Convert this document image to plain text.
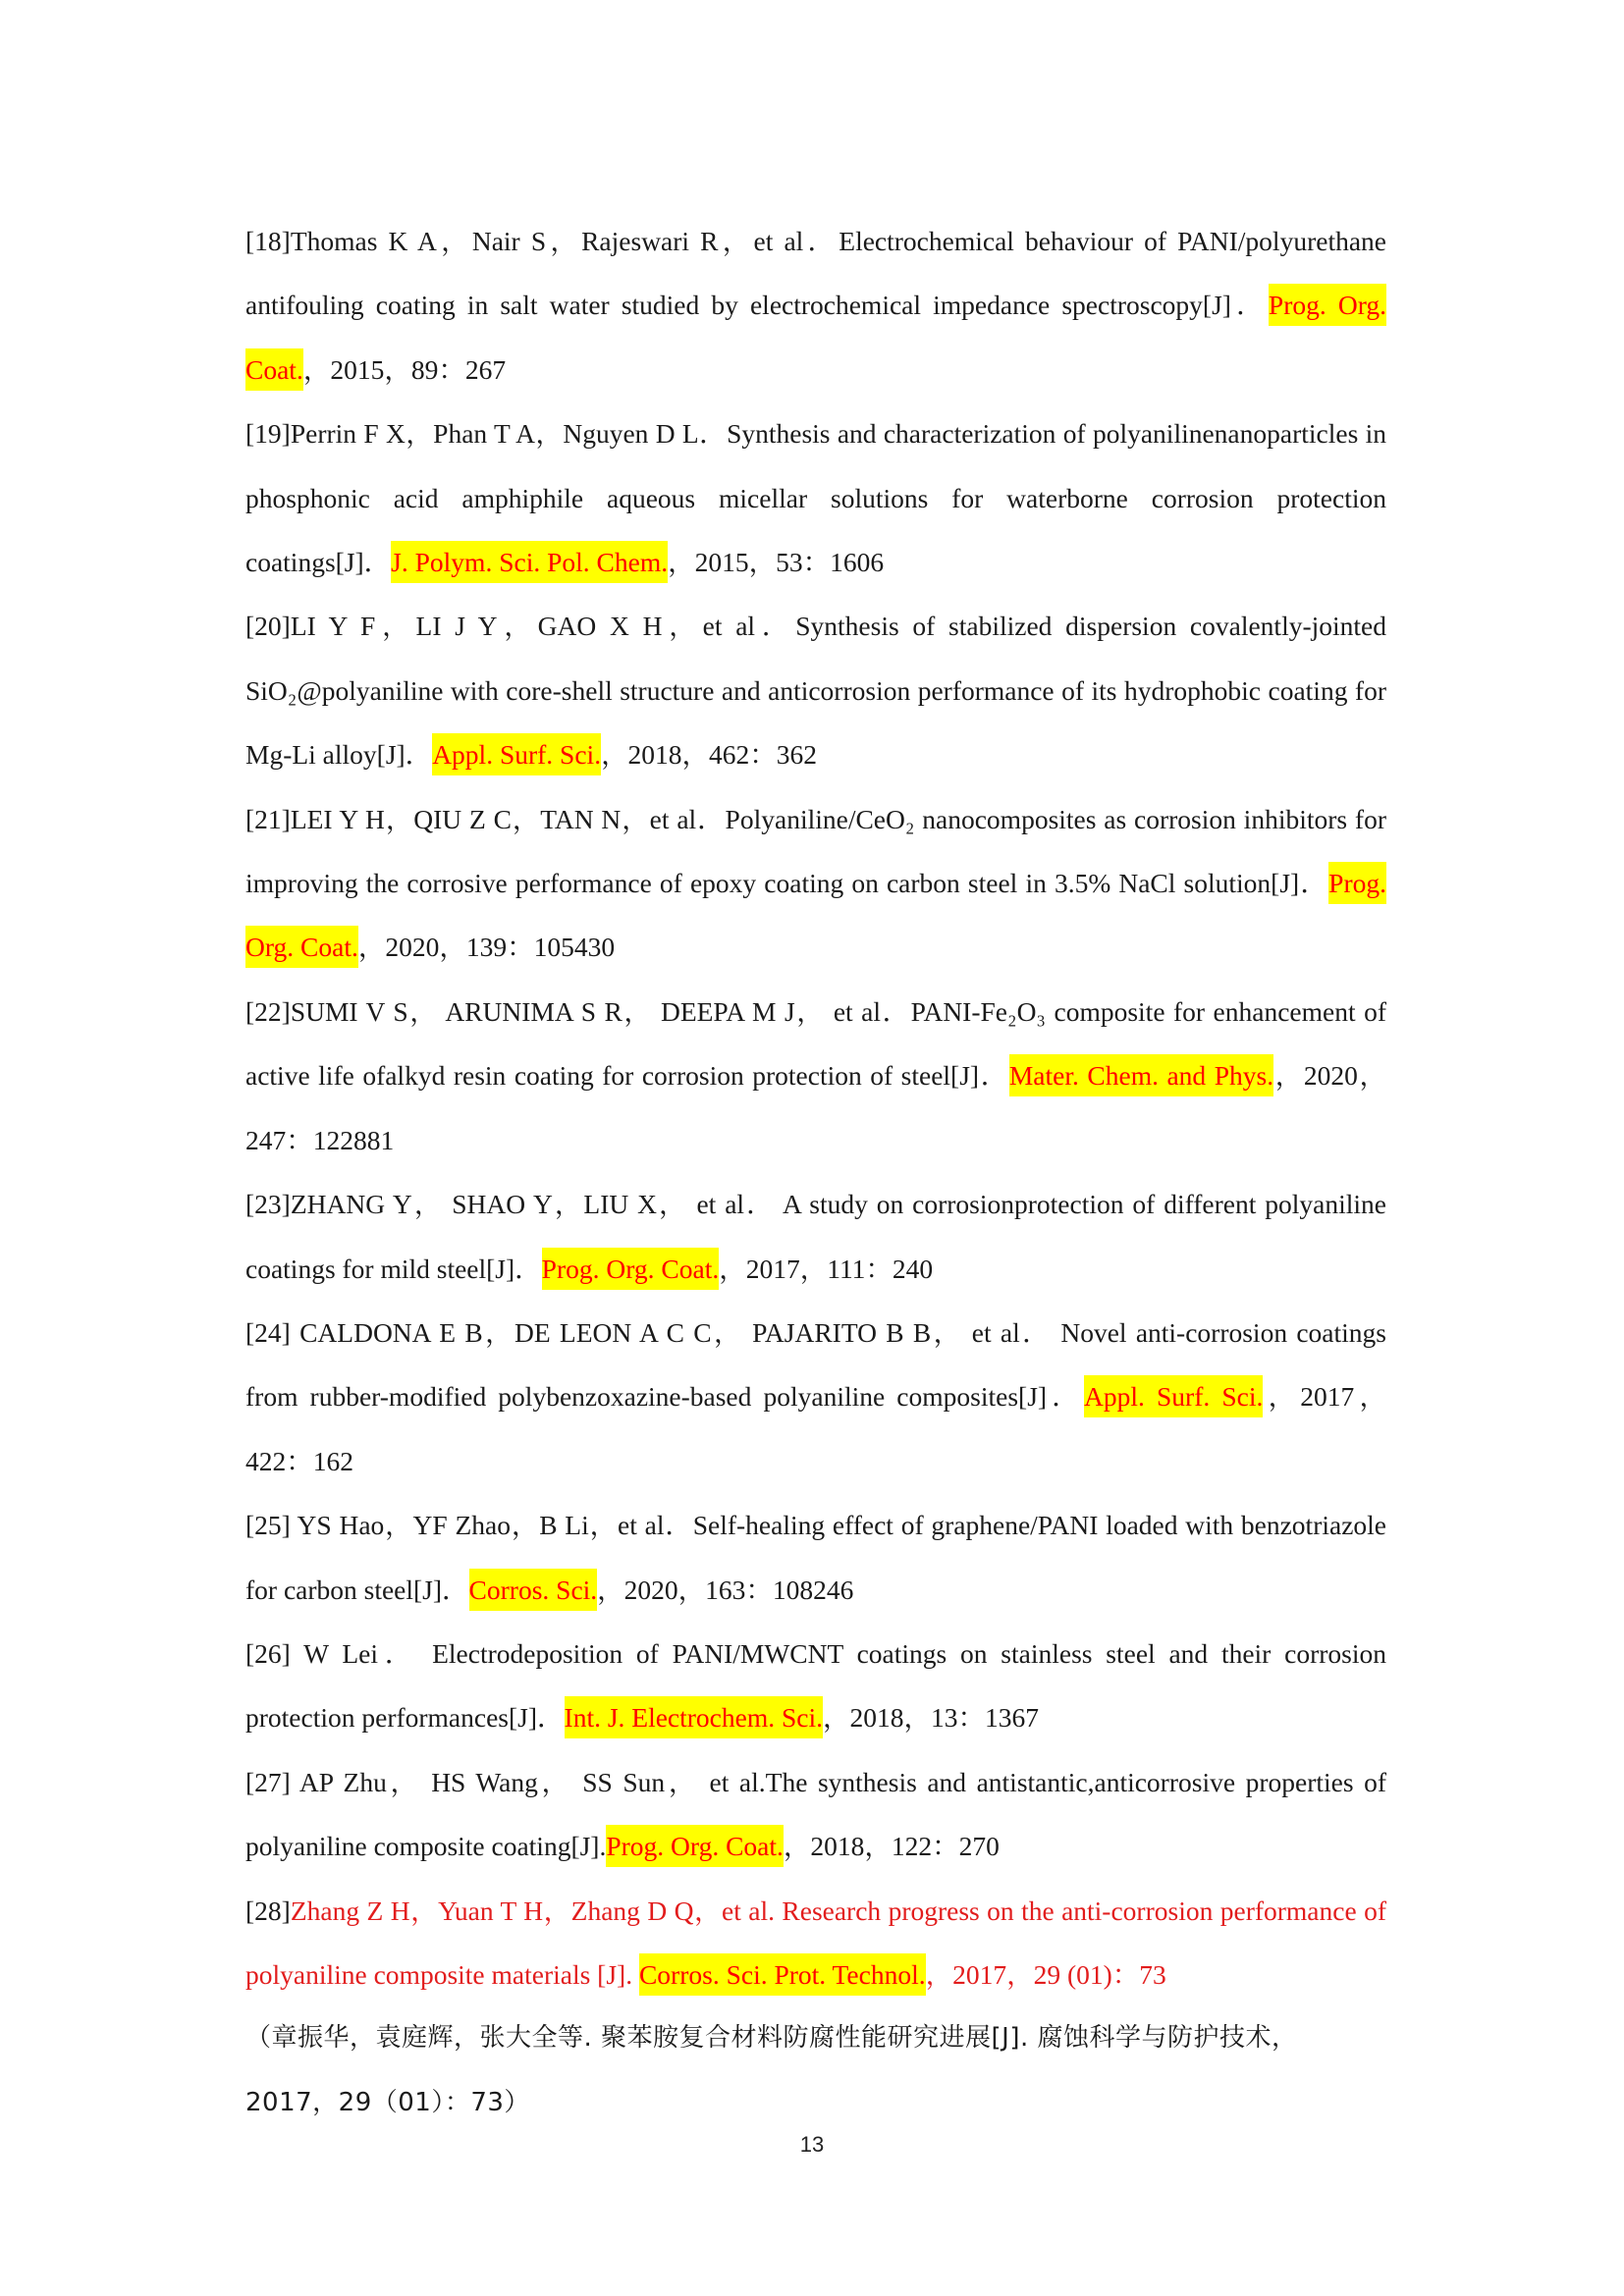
[18]Thomas K A，Nair S，Rajeswari R，et al．Electrochemical behaviour of PANI/polyurethane antifouling coating in salt water studied by electrochemical impedance spectroscopy[J]．Prog. Org. Coat.，2015，89：267

[19]Perrin F X，Phan T A，Nguyen D L．Synthesis and characterization of polyanilinenanoparticles in phosphonic acid amphiphile aqueous micellar solutions for waterborne corrosion protection coatings[J]．J. Polym. Sci. Pol. Chem.，2015，53：1606

[20]LI Y F，LI J Y，GAO X H，et al．Synthesis of stabilized dispersion covalently-jointed SiO₂@polyaniline with core-shell structure and anticorrosion performance of its hydrophobic coating for Mg-Li alloy[J]．Appl. Surf. Sci.，2018，462：362

[21]LEI Y H，QIU Z C，TAN N，et al．Polyaniline/CeO₂ nanocomposites as corrosion inhibitors for improving the corrosive performance of epoxy coating on carbon steel in 3.5% NaCl solution[J]．Prog. Org. Coat.，2020，139：105430

[22]SUMI V S， ARUNIMA S R， DEEPA M J， et al．PANI-Fe₂O₃ composite for enhancement of active life ofalkyd resin coating for corrosion protection of steel[J]．Mater. Chem. and Phys.，2020，247：122881

[23]ZHANG Y， SHAO Y，LIU X， et al． A study on corrosionprotection of different polyaniline coatings for mild steel[J]．Prog. Org. Coat.，2017，111：240

[24] CALDONA E B，DE LEON A C C， PAJARITO B B， et al． Novel anti-corrosion coatings from rubber-modified polybenzoxazine-based polyaniline composites[J]．Appl. Surf. Sci.，2017，422：162

[25] YS Hao，YF Zhao，B Li，et al．Self-healing effect of graphene/PANI loaded with benzotriazole for carbon steel[J]．Corros. Sci.，2020，163：108246

[26] W Lei． Electrodeposition of PANI/MWCNT coatings on stainless steel and their corrosion protection performances[J]．Int. J. Electrochem. Sci.，2018，13：1367

[27] AP Zhu， HS Wang， SS Sun， et al.The synthesis and antistantic,anticorrosive properties of polyaniline composite coating[J].Prog. Org. Coat.，2018，122：270

[28]Zhang Z H，Yuan T H，Zhang D Q，et al. Research progress on the anti-corrosion performance of polyaniline composite materials [J]. Corros. Sci. Prot. Technol.，2017，29 (01)：73

（章振华，袁庭辉，张大全等. 聚苯胺复合材料防腐性能研究进展[J]. 腐蚀科学与防护技术，

2017，29（01）：73）

13
